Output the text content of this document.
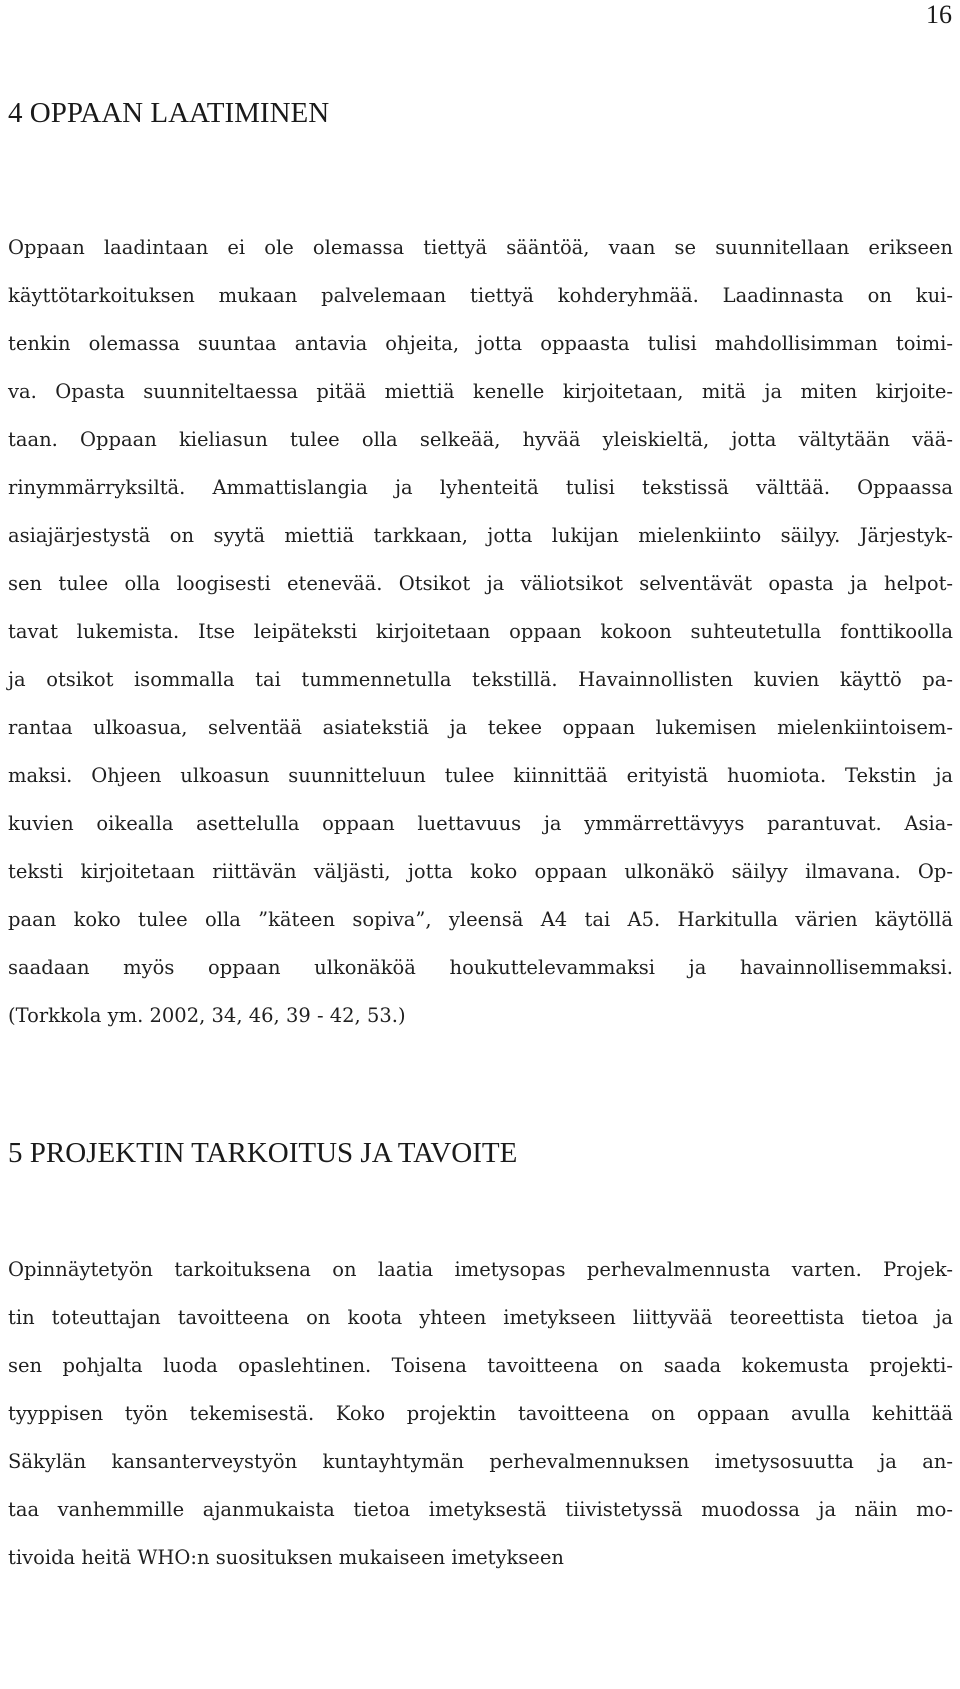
16
4 OPPAAN LAATIMINEN
Oppaan laadintaan ei ole olemassa tiettyä sääntöä, vaan se suunnitellaan erikseen
käyttötarkoituksen mukaan palvelemaan tiettyä kohderyhmää. Laadinnasta on kui-
tenkin olemassa suuntaa antavia ohjeita, jotta oppaasta tulisi mahdollisimman toimi-
va. Opasta suunniteltaessa pitää miettiä kenelle kirjoitetaan, mitä ja miten kirjoite-
taan. Oppaan kieliasun tulee olla selkeää, hyvää yleiskieltä, jotta vältytään vää-
rinymmärryksiltä. Ammattislangia ja lyhenteitä tulisi tekstissä välttää. Oppaassa
asiajärjestystä on syytä miettiä tarkkaan, jotta lukijan mielenkiinto säilyy. Järjestyk-
sen tulee olla loogisesti etenevää. Otsikot ja väliotsikot selventävät opasta ja helpot-
tavat lukemista. Itse leipäteksti kirjoitetaan oppaan kokoon suhteutetulla fonttikoolla
ja otsikot isommalla tai tummennetulla tekstillä. Havainnollisten kuvien käyttö pa-
rantaa ulkoasua, selventää asiatekstiä ja tekee oppaan lukemisen mielenkiintoisem-
maksi. Ohjeen ulkoasun suunnitteluun tulee kiinnittää erityistä huomiota. Tekstin ja
kuvien oikealla asettelulla oppaan luettavuus ja ymmärrettävyys parantuvat. Asia-
teksti kirjoitetaan riittävän väljästi, jotta koko oppaan ulkonäkö säilyy ilmavana. Op-
paan koko tulee olla ”käteen sopiva”, yleensä A4 tai A5. Harkitulla värien käytöllä
saadaan myös oppaan ulkonäköä houkuttelevammaksi ja havainnollisemmaksi.
(Torkkola ym. 2002, 34, 46, 39 - 42, 53.)
5 PROJEKTIN TARKOITUS JA TAVOITE
Opinnäytetyön tarkoituksena on laatia imetysopas perhevalmennusta varten. Projek-
tin toteuttajan tavoitteena on koota yhteen imetykseen liittyvää teoreettista tietoa ja
sen pohjalta luoda opaslehtinen. Toisena tavoitteena on saada kokemusta projekti-
tyyppisen työn tekemisestä. Koko projektin tavoitteena on oppaan avulla kehittää
Säkylän kansanterveystyön kuntayhtymän perhevalmennuksen imetysosuutta ja an-
taa vanhemmille ajanmukaista tietoa imetyksestä tiivistetyssä muodossa ja näin mo-
tivoida heitä WHO:n suosituksen mukaiseen imetykseen
